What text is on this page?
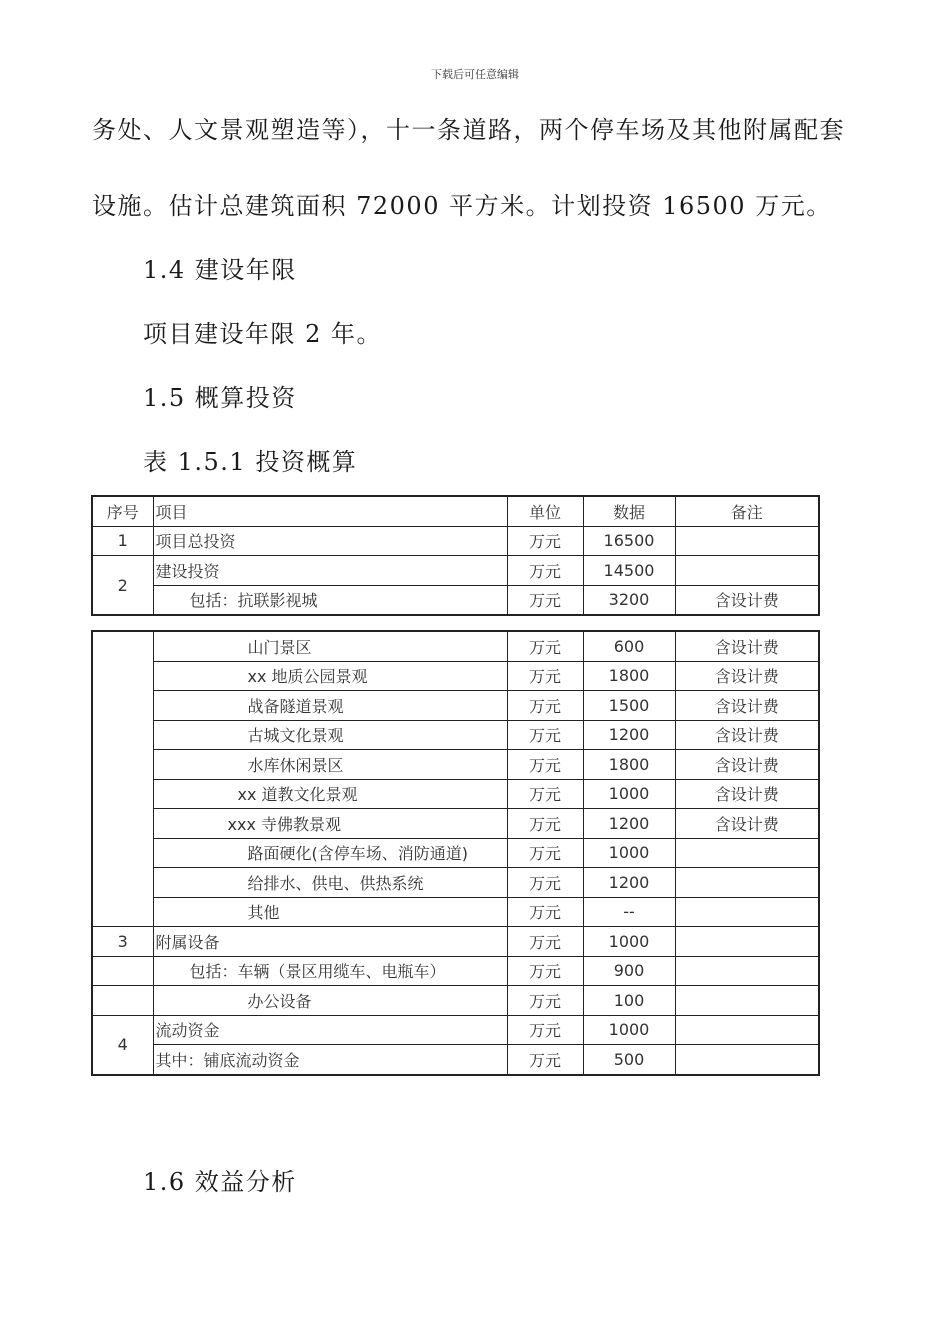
下载后可任意编辑
务处、人文景观塑造等），十一条道路，两个停车场及其他附属配套
设施。估计总建筑面积 72000 平方米。计划投资 16500 万元。
1.4 建设年限
项目建设年限 2 年。
1.5 概算投资
表 1.5.1 投资概算
序号	项目	单位	数据	备注
1	项目总投资	万元	16500	
2	建设投资	万元	14500	
	包括：抗联影视城	万元	3200	含设计费
	山门景区	万元	600	含设计费
	xx 地质公园景观	万元	1800	含设计费
	战备隧道景观	万元	1500	含设计费
	古城文化景观	万元	1200	含设计费
	水库休闲景区	万元	1800	含设计费
	xx 道教文化景观	万元	1000	含设计费
	xxx 寺佛教景观	万元	1200	含设计费
	路面硬化(含停车场、消防通道)	万元	1000	
	给排水、供电、供热系统	万元	1200	
	其他	万元	--	
3	附属设备	万元	1000	
	包括：车辆（景区用缆车、电瓶车）	万元	900	
	办公设备	万元	100	
4	流动资金	万元	1000	
	其中：铺底流动资金	万元	500	
1.6 效益分析
